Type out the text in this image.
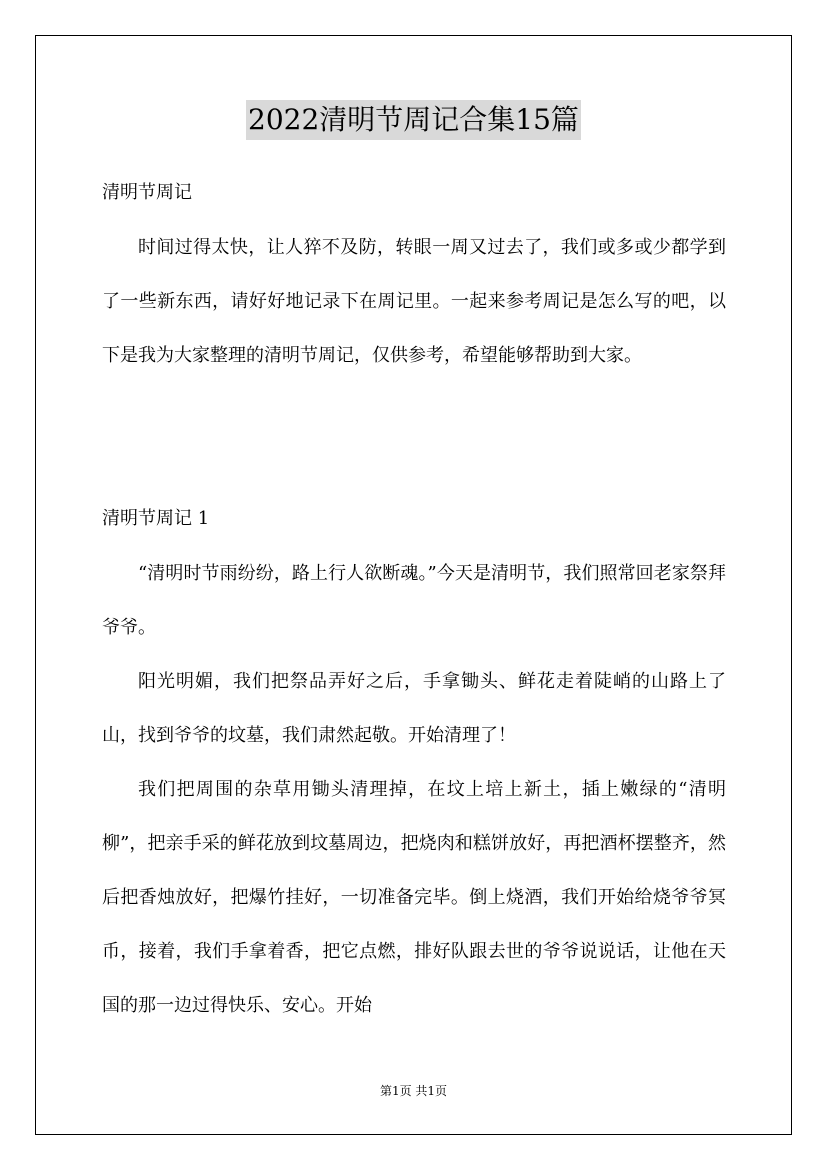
2022清明节周记合集15篇
清明节周记

时间过得太快，让人猝不及防，转眼一周又过去了，我们或多或少都学到了一些新东西，请好好地记录下在周记里。一起来参考周记是怎么写的吧，以下是我为大家整理的清明节周记，仅供参考，希望能够帮助到大家。

清明节周记 1

“清明时节雨纷纷，路上行人欲断魂。”今天是清明节，我们照常回老家祭拜爷爷。

阳光明媚，我们把祭品弄好之后，手拿锄头、鲜花走着陡峭的山路上了山，找到爷爷的坟墓，我们肃然起敬。开始清理了！

我们把周围的杂草用锄头清理掉，在坟上培上新土，插上嫩绿的“清明柳”，把亲手采的鲜花放到坟墓周边，把烧肉和糕饼放好，再把酒杯摆整齐，然后把香烛放好，把爆竹挂好，一切准备完毕。倒上烧酒，我们开始给烧爷爷冥币，接着，我们手拿着香，把它点燃，排好队跟去世的爷爷说说话，让他在天国的那一边过得快乐、安心。开始

第1页 共1页
